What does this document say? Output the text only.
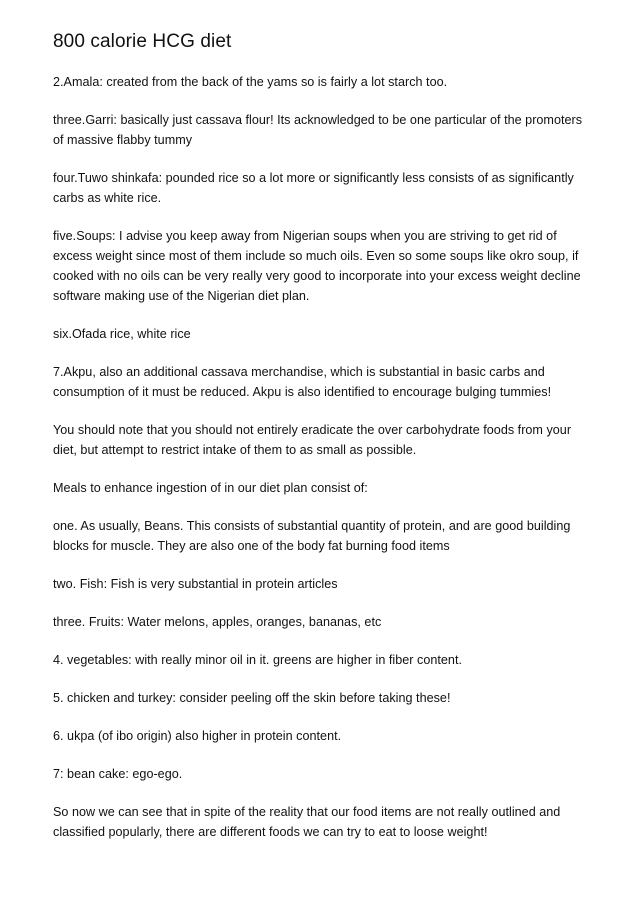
800 calorie HCG diet

2.Amala: created from the back of the yams so is fairly a lot starch too.

three.Garri: basically just cassava flour! Its acknowledged to be one particular of the promoters of massive flabby tummy

four.Tuwo shinkafa: pounded rice so a lot more or significantly less consists of as significantly carbs as white rice.

five.Soups: I advise you keep away from Nigerian soups when you are striving to get rid of excess weight since most of them include so much oils. Even so some soups like okro soup, if cooked with no oils can be very really very good to incorporate into your excess weight decline software making use of the Nigerian diet plan.

six.Ofada rice, white rice

7.Akpu, also an additional cassava merchandise, which is substantial in basic carbs and consumption of it must be reduced. Akpu is also identified to encourage bulging tummies!

You should note that you should not entirely eradicate the over carbohydrate foods from your diet, but attempt to restrict intake of them to as small as possible.

Meals to enhance ingestion of in our diet plan consist of:

one. As usually, Beans. This consists of substantial quantity of protein, and are good building blocks for muscle. They are also one of the body fat burning food items

two. Fish: Fish is very substantial in protein articles

three. Fruits: Water melons, apples, oranges, bananas, etc

4. vegetables: with really minor oil in it. greens are higher in fiber content.

5. chicken and turkey: consider peeling off the skin before taking these!

6. ukpa (of ibo origin) also higher in protein content.

7: bean cake: ego-ego.

So now we can see that in spite of the reality that our food items are not really outlined and classified popularly, there are different foods we can try to eat to loose weight!
